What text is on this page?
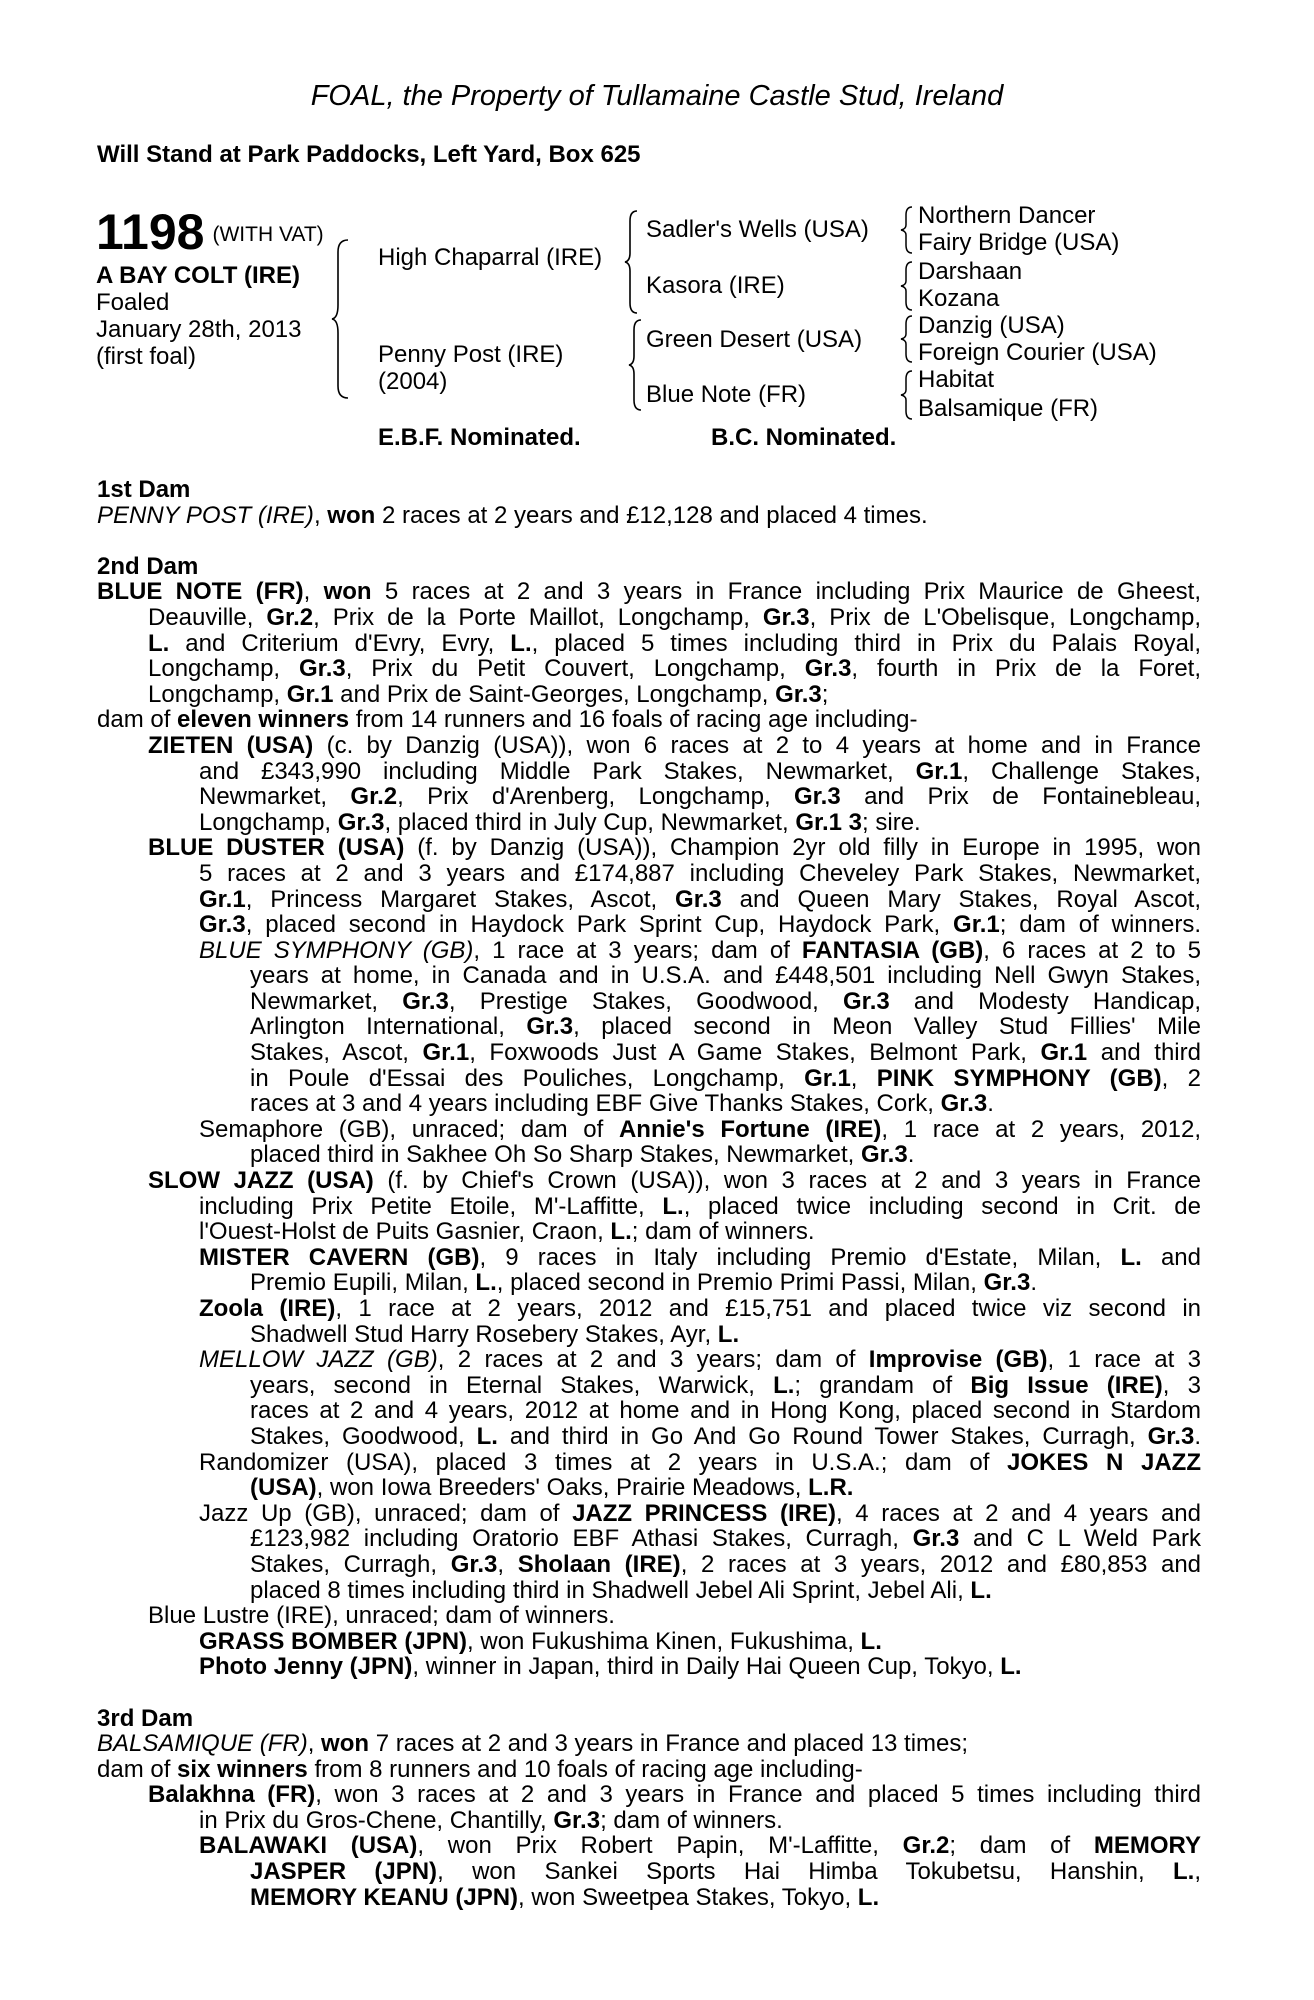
FOAL, the Property of Tullamaine Castle Stud, Ireland
Will Stand at Park Paddocks, Left Yard, Box 625
1198 (WITH VAT)
A BAY COLT (IRE)
Foaled
January 28th, 2013
(first foal)
High Chaparral (IRE)
Penny Post (IRE)
(2004)
Sadler's Wells (USA)
Kasora (IRE)
Green Desert (USA)
Blue Note (FR)
Northern Dancer
Fairy Bridge (USA)
Darshaan
Kozana
Danzig (USA)
Foreign Courier (USA)
Habitat
Balsamique (FR)
E.B.F. Nominated.	B.C. Nominated.
1st Dam
PENNY POST (IRE), won 2 races at 2 years and £12,128 and placed 4 times.
2nd Dam
BLUE NOTE (FR), won 5 races at 2 and 3 years in France including Prix Maurice de Gheest,
Deauville, Gr.2, Prix de la Porte Maillot, Longchamp, Gr.3, Prix de L'Obelisque, Longchamp,
L. and Criterium d'Evry, Evry, L., placed 5 times including third in Prix du Palais Royal,
Longchamp, Gr.3, Prix du Petit Couvert, Longchamp, Gr.3, fourth in Prix de la Foret,
Longchamp, Gr.1 and Prix de Saint-Georges, Longchamp, Gr.3;
dam of eleven winners from 14 runners and 16 foals of racing age including-
ZIETEN (USA) (c. by Danzig (USA)), won 6 races at 2 to 4 years at home and in France
and £343,990 including Middle Park Stakes, Newmarket, Gr.1, Challenge Stakes,
Newmarket, Gr.2, Prix d'Arenberg, Longchamp, Gr.3 and Prix de Fontainebleau,
Longchamp, Gr.3, placed third in July Cup, Newmarket, Gr.1 3; sire.
BLUE DUSTER (USA) (f. by Danzig (USA)), Champion 2yr old filly in Europe in 1995, won
5 races at 2 and 3 years and £174,887 including Cheveley Park Stakes, Newmarket,
Gr.1, Princess Margaret Stakes, Ascot, Gr.3 and Queen Mary Stakes, Royal Ascot,
Gr.3, placed second in Haydock Park Sprint Cup, Haydock Park, Gr.1; dam of winners.
BLUE SYMPHONY (GB), 1 race at 3 years; dam of FANTASIA (GB), 6 races at 2 to 5
years at home, in Canada and in U.S.A. and £448,501 including Nell Gwyn Stakes,
Newmarket, Gr.3, Prestige Stakes, Goodwood, Gr.3 and Modesty Handicap,
Arlington International, Gr.3, placed second in Meon Valley Stud Fillies' Mile
Stakes, Ascot, Gr.1, Foxwoods Just A Game Stakes, Belmont Park, Gr.1 and third
in Poule d'Essai des Pouliches, Longchamp, Gr.1, PINK SYMPHONY (GB), 2
races at 3 and 4 years including EBF Give Thanks Stakes, Cork, Gr.3.
Semaphore (GB), unraced; dam of Annie's Fortune (IRE), 1 race at 2 years, 2012,
placed third in Sakhee Oh So Sharp Stakes, Newmarket, Gr.3.
SLOW JAZZ (USA) (f. by Chief's Crown (USA)), won 3 races at 2 and 3 years in France
including Prix Petite Etoile, M'-Laffitte, L., placed twice including second in Crit. de
l'Ouest-Holst de Puits Gasnier, Craon, L.; dam of winners.
MISTER CAVERN (GB), 9 races in Italy including Premio d'Estate, Milan, L. and
Premio Eupili, Milan, L., placed second in Premio Primi Passi, Milan, Gr.3.
Zoola (IRE), 1 race at 2 years, 2012 and £15,751 and placed twice viz second in
Shadwell Stud Harry Rosebery Stakes, Ayr, L.
MELLOW JAZZ (GB), 2 races at 2 and 3 years; dam of Improvise (GB), 1 race at 3
years, second in Eternal Stakes, Warwick, L.; grandam of Big Issue (IRE), 3
races at 2 and 4 years, 2012 at home and in Hong Kong, placed second in Stardom
Stakes, Goodwood, L. and third in Go And Go Round Tower Stakes, Curragh, Gr.3.
Randomizer (USA), placed 3 times at 2 years in U.S.A.; dam of JOKES N JAZZ
(USA), won Iowa Breeders' Oaks, Prairie Meadows, L.R.
Jazz Up (GB), unraced; dam of JAZZ PRINCESS (IRE), 4 races at 2 and 4 years and
£123,982 including Oratorio EBF Athasi Stakes, Curragh, Gr.3 and C L Weld Park
Stakes, Curragh, Gr.3, Sholaan (IRE), 2 races at 3 years, 2012 and £80,853 and
placed 8 times including third in Shadwell Jebel Ali Sprint, Jebel Ali, L.
Blue Lustre (IRE), unraced; dam of winners.
GRASS BOMBER (JPN), won Fukushima Kinen, Fukushima, L.
Photo Jenny (JPN), winner in Japan, third in Daily Hai Queen Cup, Tokyo, L.
3rd Dam
BALSAMIQUE (FR), won 7 races at 2 and 3 years in France and placed 13 times;
dam of six winners from 8 runners and 10 foals of racing age including-
Balakhna (FR), won 3 races at 2 and 3 years in France and placed 5 times including third
in Prix du Gros-Chene, Chantilly, Gr.3; dam of winners.
BALAWAKI (USA), won Prix Robert Papin, M'-Laffitte, Gr.2; dam of MEMORY
JASPER (JPN), won Sankei Sports Hai Himba Tokubetsu, Hanshin, L.,
MEMORY KEANU (JPN), won Sweetpea Stakes, Tokyo, L.
